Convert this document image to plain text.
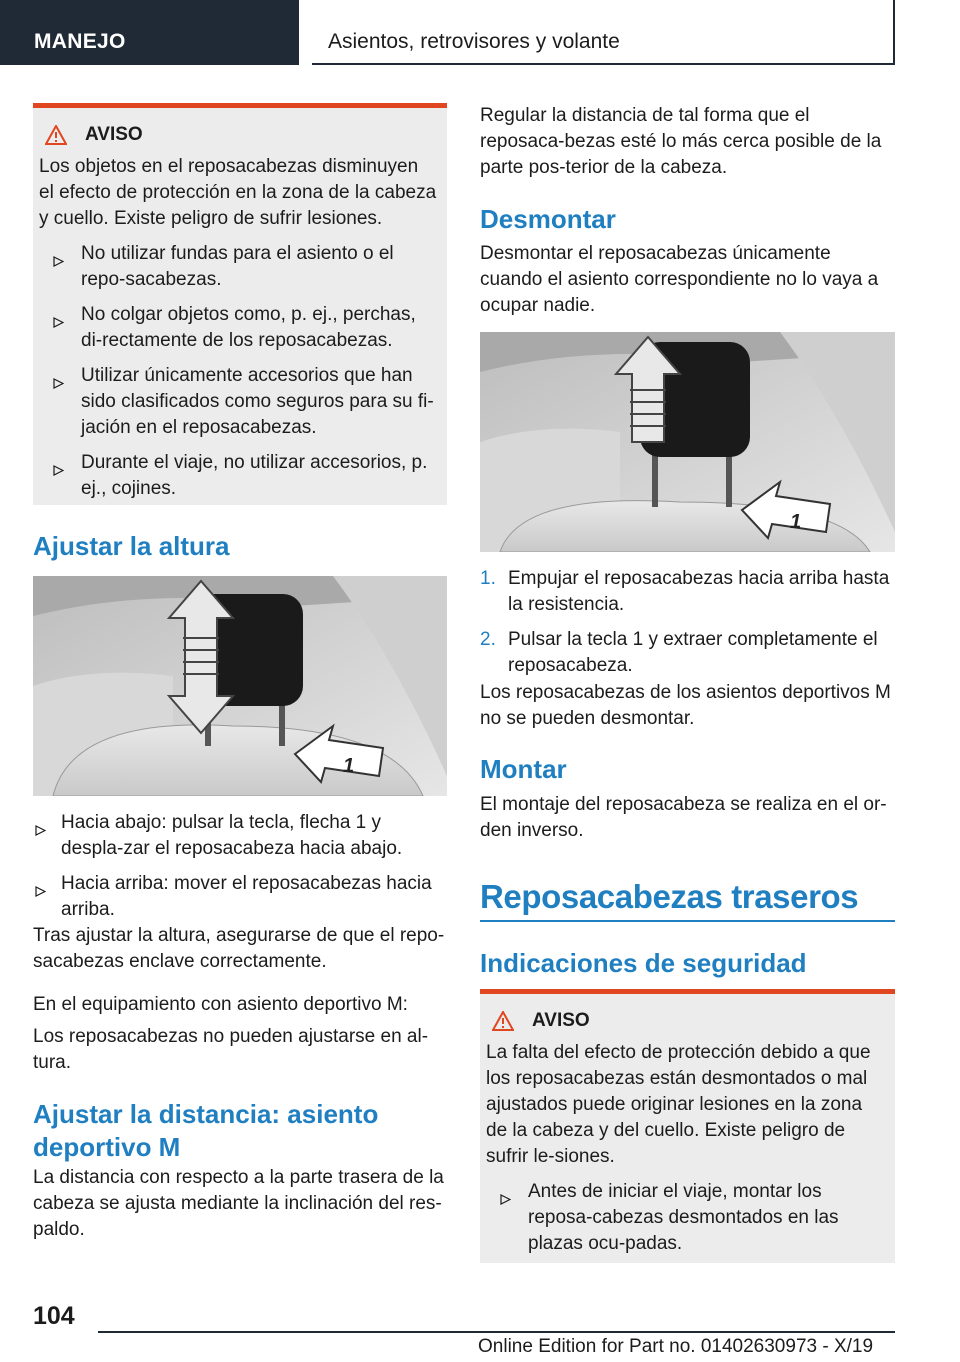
MANEJO	Asientos, retrovisores y volante
AVISO
Los objetos en el reposacabezas disminuyen el efecto de protección en la zona de la cabeza y cuello. Existe peligro de sufrir lesiones.
No utilizar fundas para el asiento o el repo-sacabezas.
No colgar objetos como, p. ej., perchas, di-rectamente de los reposacabezas.
Utilizar únicamente accesorios que han sido clasificados como seguros para su fi-jación en el reposacabezas.
Durante el viaje, no utilizar accesorios, p. ej., cojines.
Ajustar la altura
1
Hacia abajo: pulsar la tecla, flecha 1 y despla-zar el reposacabeza hacia abajo.
Hacia arriba: mover el reposacabezas hacia arriba.
Tras ajustar la altura, asegurarse de que el repo-sacabezas enclave correctamente.
En el equipamiento con asiento deportivo M:
Los reposacabezas no pueden ajustarse en al-tura.
Ajustar la distancia: asiento deportivo M
La distancia con respecto a la parte trasera de la cabeza se ajusta mediante la inclinación del res-paldo.
Regular la distancia de tal forma que el reposaca-bezas esté lo más cerca posible de la parte pos-terior de la cabeza.
Desmontar
Desmontar el reposacabezas únicamente cuando el asiento correspondiente no lo vaya a ocupar nadie.
1
1. Empujar el reposacabezas hacia arriba hasta la resistencia.
2. Pulsar la tecla 1 y extraer completamente el reposacabeza.
Los reposacabezas de los asientos deportivos M no se pueden desmontar.
Montar
El montaje del reposacabeza se realiza en el or-den inverso.
Reposacabezas traseros
Indicaciones de seguridad
AVISO
La falta del efecto de protección debido a que los reposacabezas están desmontados o mal ajustados puede originar lesiones en la zona de la cabeza y del cuello. Existe peligro de sufrir le-siones.
Antes de iniciar el viaje, montar los reposa-cabezas desmontados en las plazas ocu-padas.
104
Online Edition for Part no. 01402630973 - X/19
